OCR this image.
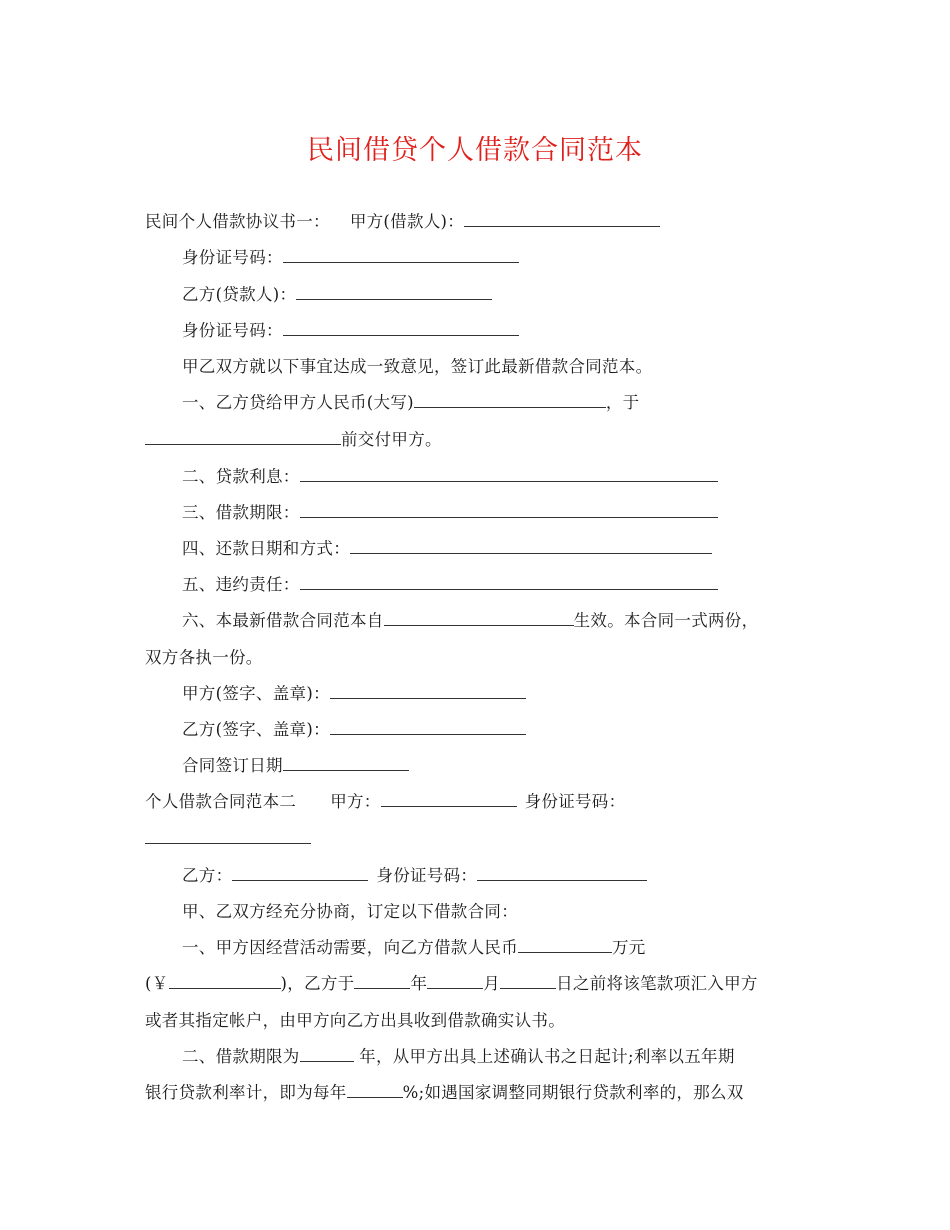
民间借贷个人借款合同范本
民间个人借款协议书一： 甲方(借款人)：
身份证号码：
乙方(贷款人)：
身份证号码：
甲乙双方就以下事宜达成一致意见，签订此最新借款合同范本。
一、乙方贷给甲方人民币(大写)	，于
前交付甲方。
二、贷款利息：
三、借款期限：
四、还款日期和方式：
五、违约责任：
六、本最新借款合同范本自	生效。本合同一式两份，
双方各执一份。
甲方(签字、盖章)：
乙方(签字、盖章)：
合同签订日期
个人借款合同范本二 甲方：	身份证号码：
乙方：	身份证号码：
甲、乙双方经充分协商，订定以下借款合同：
一、甲方因经营活动需要，向乙方借款人民币	万元
(￥	)，乙方于	年	月	日之前将该笔款项汇入甲方
或者其指定帐户，由甲方向乙方出具收到借款确实认书。
二、借款期限为	年，从甲方出具上述确认书之日起计;利率以五年期
银行贷款利率计，即为每年	%;如遇国家调整同期银行贷款利率的，那么双
